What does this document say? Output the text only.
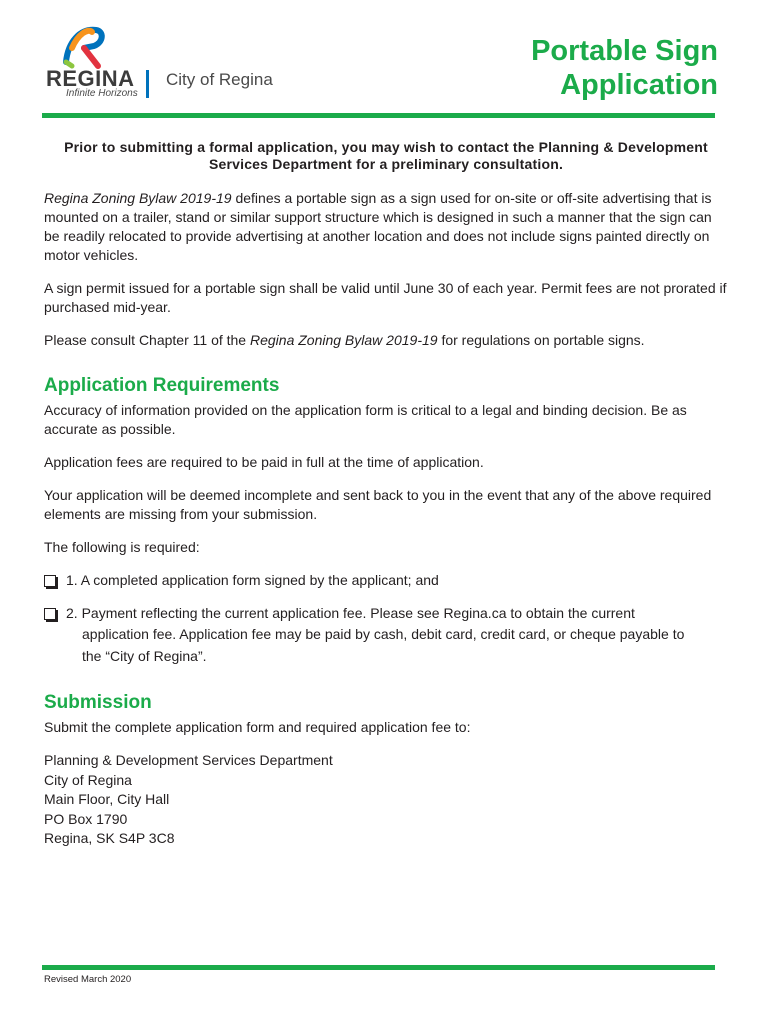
REGINA
Infinite Horizons
City of Regina
Portable Sign
Application

Prior to submitting a formal application, you may wish to contact the Planning & Development Services Department for a preliminary consultation.

Regina Zoning Bylaw 2019-19 defines a portable sign as a sign used for on-site or off-site advertising that is mounted on a trailer, stand or similar support structure which is designed in such a manner that the sign can be readily relocated to provide advertising at another location and does not include signs painted directly on motor vehicles.

A sign permit issued for a portable sign shall be valid until June 30 of each year. Permit fees are not prorated if purchased mid-year.

Please consult Chapter 11 of the Regina Zoning Bylaw 2019-19 for regulations on portable signs.

Application Requirements

Accuracy of information provided on the application form is critical to a legal and binding decision. Be as accurate as possible.

Application fees are required to be paid in full at the time of application.

Your application will be deemed incomplete and sent back to you in the event that any of the above required elements are missing from your submission.

The following is required:

1. A completed application form signed by the applicant; and
2. Payment reflecting the current application fee. Please see Regina.ca to obtain the current
application fee. Application fee may be paid by cash, debit card, credit card, or cheque payable to
the “City of Regina”.
Submission

Submit the complete application form and required application fee to:

Planning & Development Services Department
City of Regina
Main Floor, City Hall
PO Box 1790
Regina, SK S4P 3C8
Revised March 2020
